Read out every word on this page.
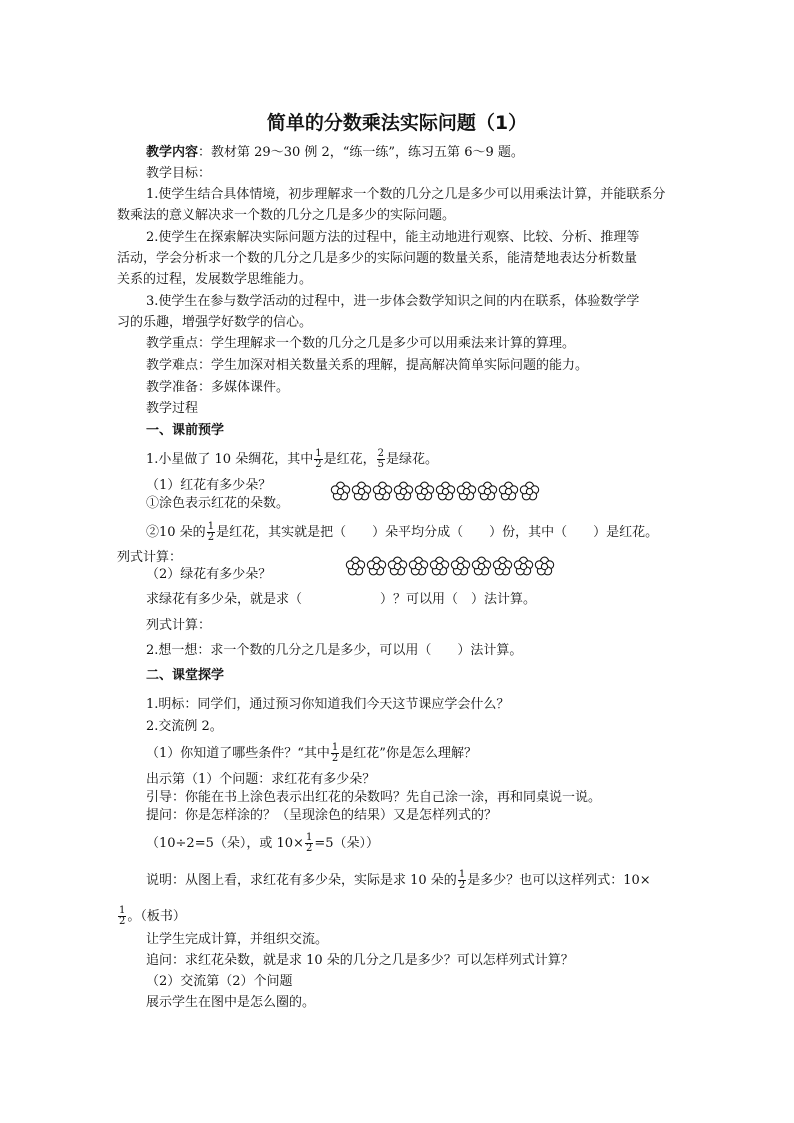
简单的分数乘法实际问题（1）
教学内容：教材第 29～30 例 2，“练一练”，练习五第 6～9 题。
教学目标：
1.使学生结合具体情境，初步理解求一个数的几分之几是多少可以用乘法计算，并能联系分
数乘法的意义解决求一个数的几分之几是多少的实际问题。
2.使学生在探索解决实际问题方法的过程中，能主动地进行观察、比较、分析、推理等
活动，学会分析求一个数的几分之几是多少的实际问题的数量关系，能清楚地表达分析数量
关系的过程，发展数学思维能力。
3.使学生在参与数学活动的过程中，进一步体会数学知识之间的内在联系，体验数学学
习的乐趣，增强学好数学的信心。
教学重点：学生理解求一个数的几分之几是多少可以用乘法来计算的算理。
教学难点：学生加深对相关数量关系的理解，提高解决简单实际问题的能力。
教学准备：多媒体课件。
教学过程
一、课前预学
1.小星做了 10 朵绸花，其中 $\frac{1}{2}$ 是红花， $\frac{2}{5}$ 是绿花。
（1）红花有多少朵？
①涂色表示红花的朵数。
②10 朵的 $\frac{1}{2}$ 是红花，其实就是把（　　）朵平均分成（　　）份，其中（　　）是红花。
列式计算：
（2）绿花有多少朵？
求绿花有多少朵，就是求（　　　　　　）？可以用（　）法计算。
列式计算：
2.想一想：求一个数的几分之几是多少，可以用（　　）法计算。
二、课堂探学
1.明标：同学们，通过预习你知道我们今天这节课应学会什么？
2.交流例 2。
（1）你知道了哪些条件？“其中 $\frac{1}{2}$ 是红花”你是怎么理解？
出示第（1）个问题：求红花有多少朵？
引导：你能在书上涂色表示出红花的朵数吗？先自己涂一涂，再和同桌说一说。
提问：你是怎样涂的？（呈现涂色的结果）又是怎样列式的？
（10÷2=5（朵），或 $10\times \frac{1}{2} =5$（朵））
说明：从图上看，求红花有多少朵，实际是求 10 朵的 $\frac{1}{2}$ 是多少？也可以这样列式：10×
$\frac{1}{2}$ 。（板书）
让学生完成计算，并组织交流。
追问：求红花朵数，就是求 10 朵的几分之几是多少？可以怎样列式计算？
（2）交流第（2）个问题
展示学生在图中是怎么圈的。
